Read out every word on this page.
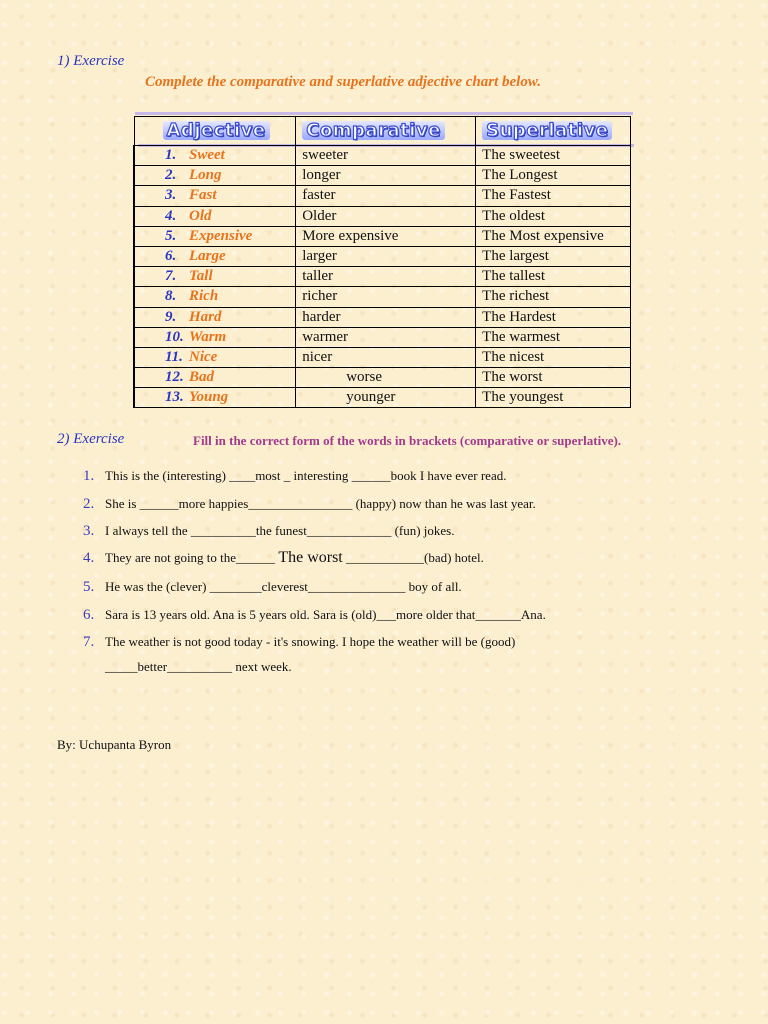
1) Exercise
Complete the comparative and superlative adjective chart below.
Adjective	Comparative	Superlative
1. Sweet	sweeter	The sweetest
2. Long	longer	The Longest
3. Fast	faster	The Fastest
4. Old	Older	The oldest
5. Expensive	More expensive	The Most expensive
6. Large	larger	The largest
7. Tall	taller	The tallest
8. Rich	richer	The richest
9. Hard	harder	The Hardest
10. Warm	warmer	The warmest
11. Nice	nicer	The nicest
12. Bad	worse	The worst
13. Young	younger	The youngest
2) Exercise	Fill in the correct form of the words in brackets (comparative or superlative).
1. This is the (interesting) ____most _ interesting ______book I have ever read.
2. She is ______more happies________________ (happy) now than he was last year.
3. I always tell the __________the funest_____________ (fun) jokes.
4. They are not going to the______ The worst ____________(bad) hotel.
5. He was the (clever) ________cleverest_______________ boy of all.
6. Sara is 13 years old. Ana is 5 years old. Sara is (old)___more older that_______Ana.
7. The weather is not good today - it's snowing. I hope the weather will be (good)
_____better__________ next week.
By: Uchupanta Byron
